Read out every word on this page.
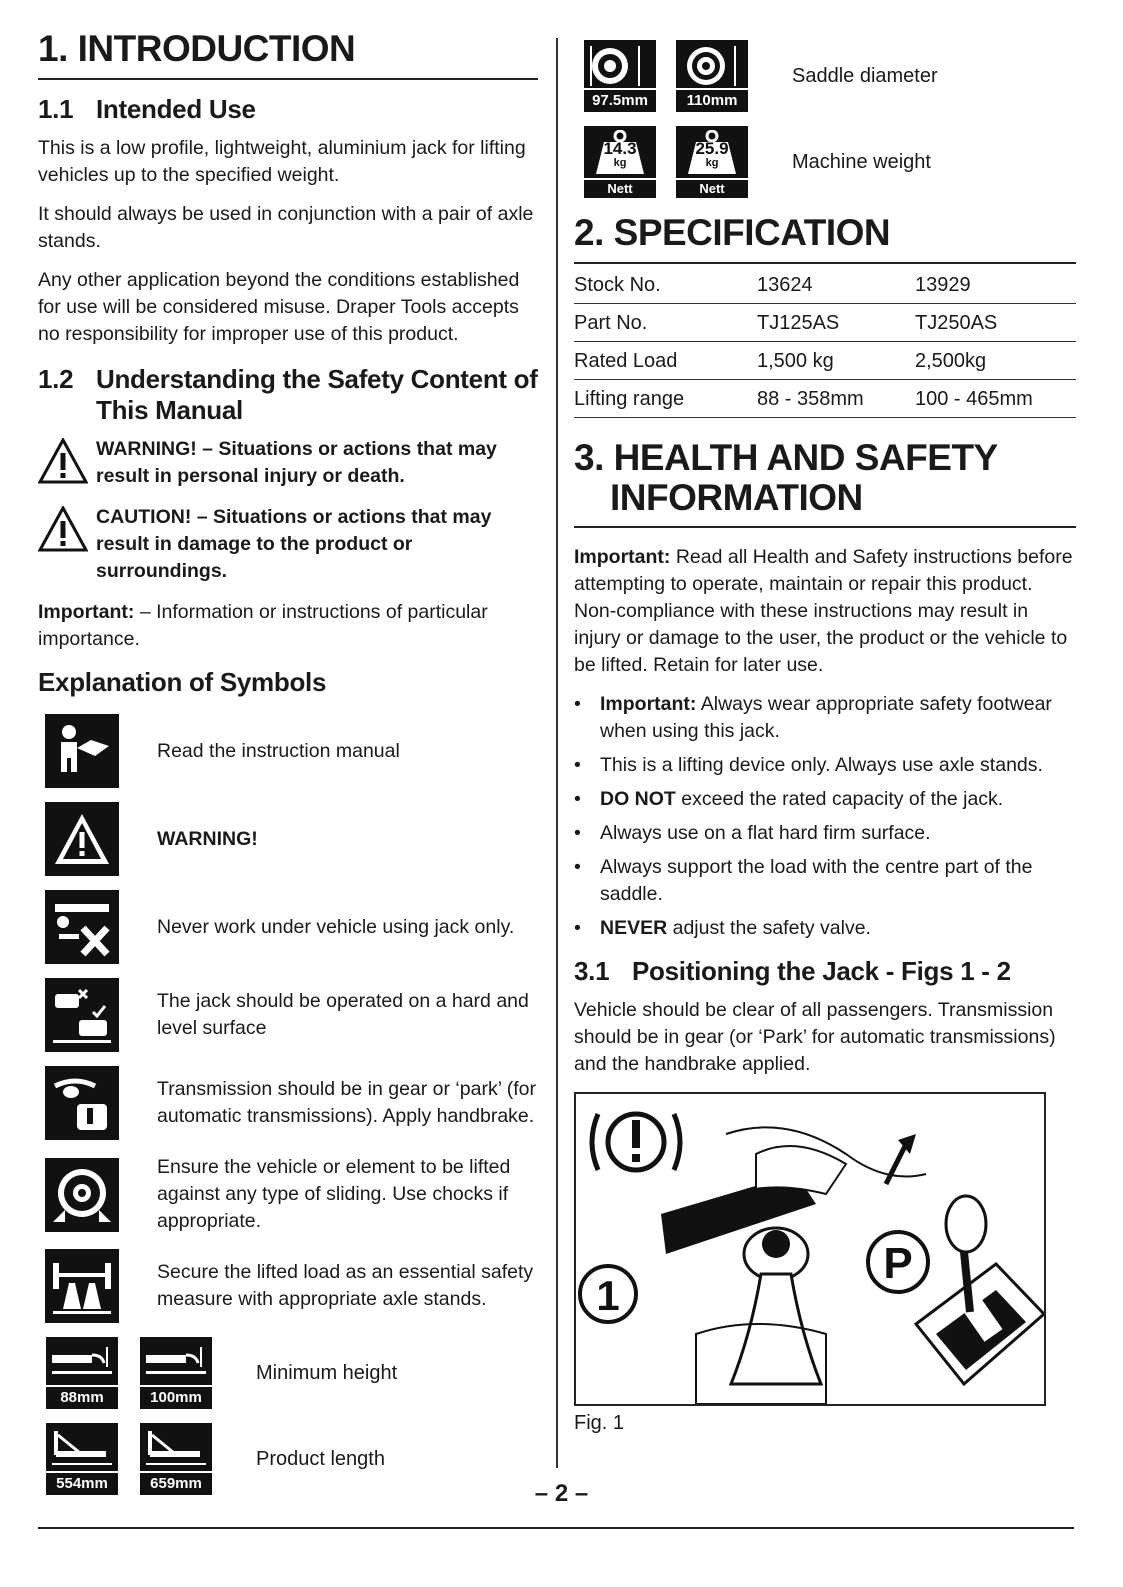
1. INTRODUCTION
1.1 Intended Use

This is a low profile, lightweight, aluminium jack for lifting vehicles up to the specified weight.

It should always be used in conjunction with a pair of axle stands.

Any other application beyond the conditions established for use will be considered misuse. Draper Tools accepts no responsibility for improper use of this product.

1.2 Understanding the Safety Content of This Manual
WARNING! – Situations or actions that may result in personal injury or death.
CAUTION! – Situations or actions that may result in damage to the product or surroundings.

Important: – Information or instructions of particular importance.

Explanation of Symbols
Read the instruction manual
WARNING!
Never work under vehicle using jack only.
The jack should be operated on a hard and level surface
Transmission should be in gear or ‘park’ (for automatic transmissions). Apply handbrake.
Ensure the vehicle or element to be lifted against any type of sliding. Use chocks if appropriate.
Secure the lifted load as an essential safety measure with appropriate axle stands.
88mm	100mm
Minimum height
554mm	659mm
Product length
97.5mm	110mm
Saddle diameter
14.3
kg
Nett
25.9
kg
Nett
Machine weight
2. SPECIFICATION
Stock No.	13624	13929
Part No.	TJ125AS	TJ250AS
Rated Load	1,500 kg	2,500kg
Lifting range	88 - 358mm	100 - 465mm
3. HEALTH AND SAFETY
INFORMATION

Important: Read all Health and Safety instructions before attempting to operate, maintain or repair this product. Non-compliance with these instructions may result in injury or damage to the user, the product or the vehicle to be lifted. Retain for later use.

• Important: Always wear appropriate safety footwear when using this jack.
• This is a lifting device only. Always use axle stands.
• DO NOT exceed the rated capacity of the jack.
• Always use on a flat hard firm surface.
• Always support the load with the centre part of the saddle.
• NEVER adjust the safety valve.
3.1 Positioning the Jack - Figs 1 - 2

Vehicle should be clear of all passengers. Transmission should be in gear (or ‘Park’ for automatic transmissions) and the handbrake applied.

1
P
Fig. 1
– 2 –
